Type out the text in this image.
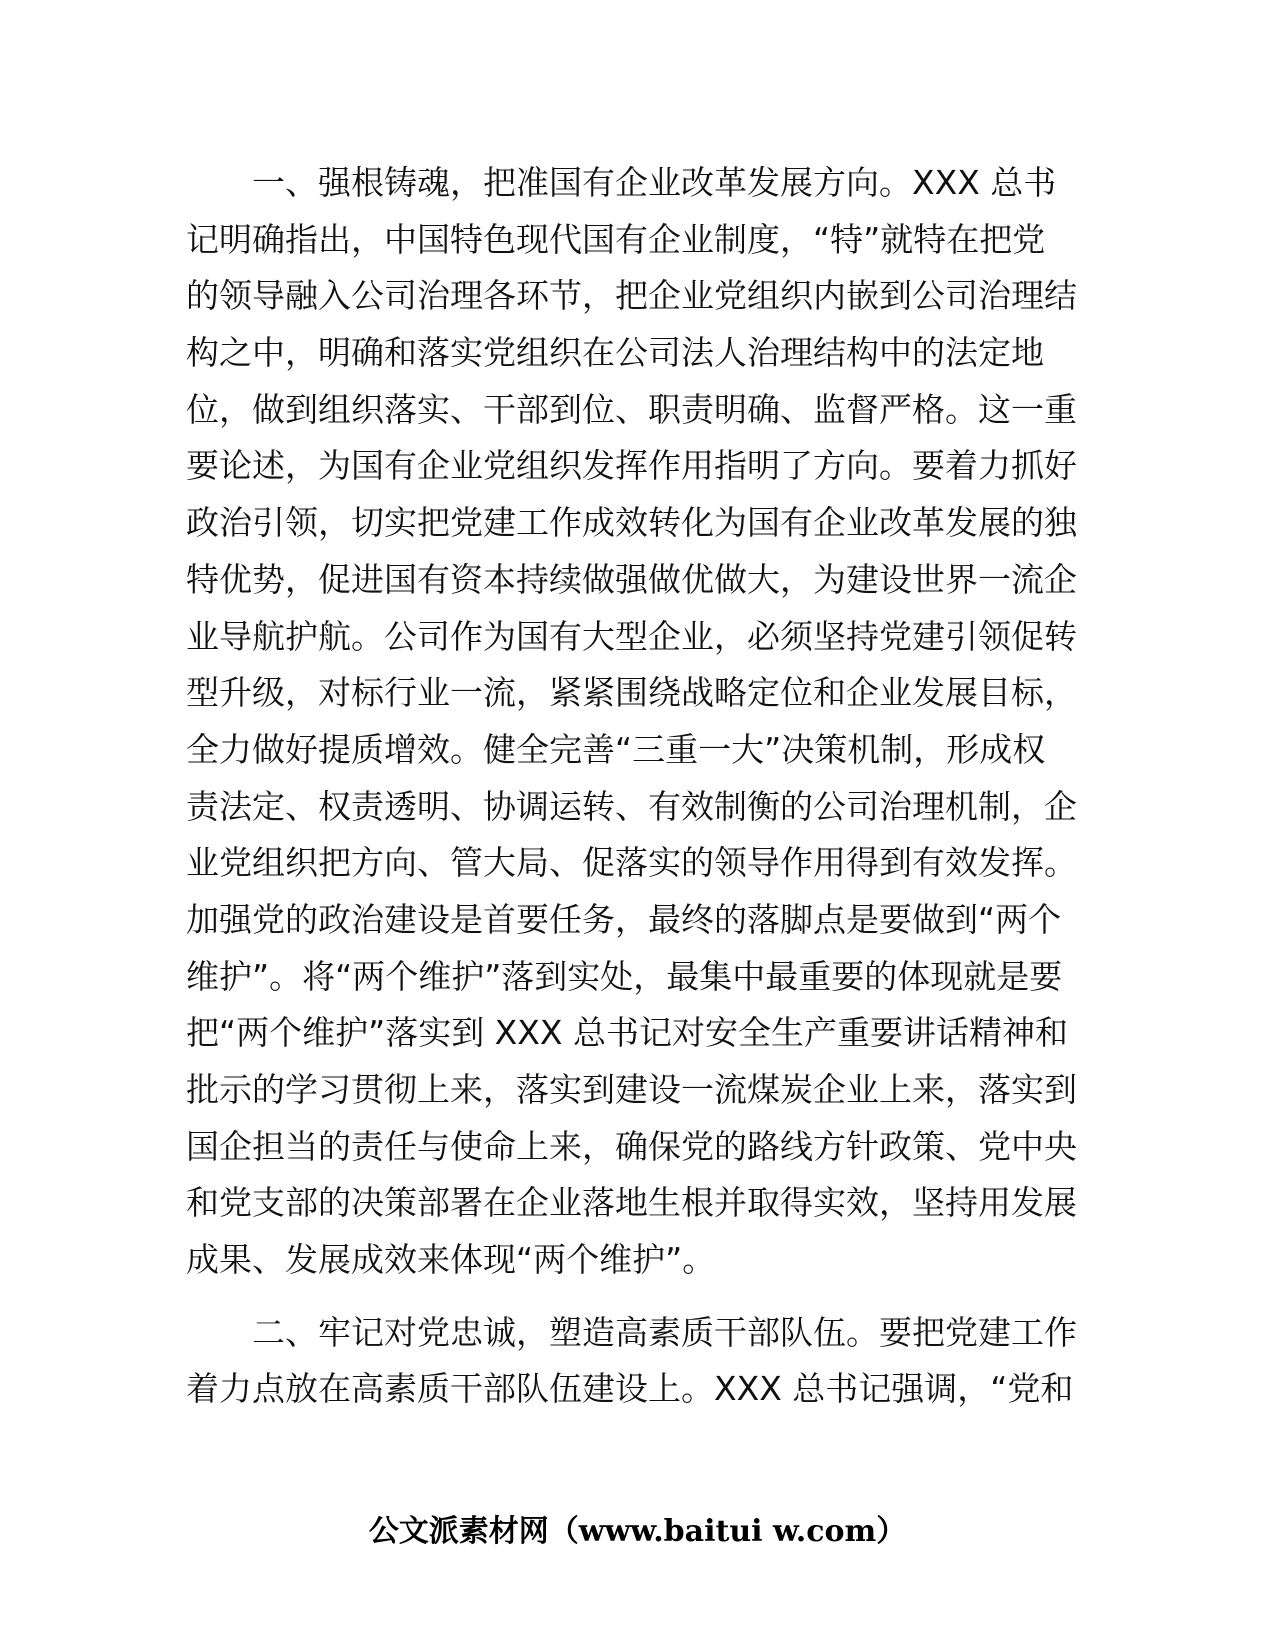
一、强根铸魂，把准国有企业改革发展方向。XXX 总书
记明确指出，中国特色现代国有企业制度，“特”就特在把党
的领导融入公司治理各环节，把企业党组织内嵌到公司治理结
构之中，明确和落实党组织在公司法人治理结构中的法定地
位，做到组织落实、干部到位、职责明确、监督严格。这一重
要论述，为国有企业党组织发挥作用指明了方向。要着力抓好
政治引领，切实把党建工作成效转化为国有企业改革发展的独
特优势，促进国有资本持续做强做优做大，为建设世界一流企
业导航护航。公司作为国有大型企业，必须坚持党建引领促转
型升级，对标行业一流，紧紧围绕战略定位和企业发展目标，
全力做好提质增效。健全完善“三重一大”决策机制，形成权
责法定、权责透明、协调运转、有效制衡的公司治理机制，企
业党组织把方向、管大局、促落实的领导作用得到有效发挥。
加强党的政治建设是首要任务，最终的落脚点是要做到“两个
维护”。将“两个维护”落到实处，最集中最重要的体现就是要
把“两个维护”落实到 XXX 总书记对安全生产重要讲话精神和
批示的学习贯彻上来，落实到建设一流煤炭企业上来，落实到
国企担当的责任与使命上来，确保党的路线方针政策、党中央
和党支部的决策部署在企业落地生根并取得实效，坚持用发展
成果、发展成效来体现“两个维护”。
二、牢记对党忠诚，塑造高素质干部队伍。要把党建工作
着力点放在高素质干部队伍建设上。XXX 总书记强调，“党和
公文派素材网（www.baitui w.com）
